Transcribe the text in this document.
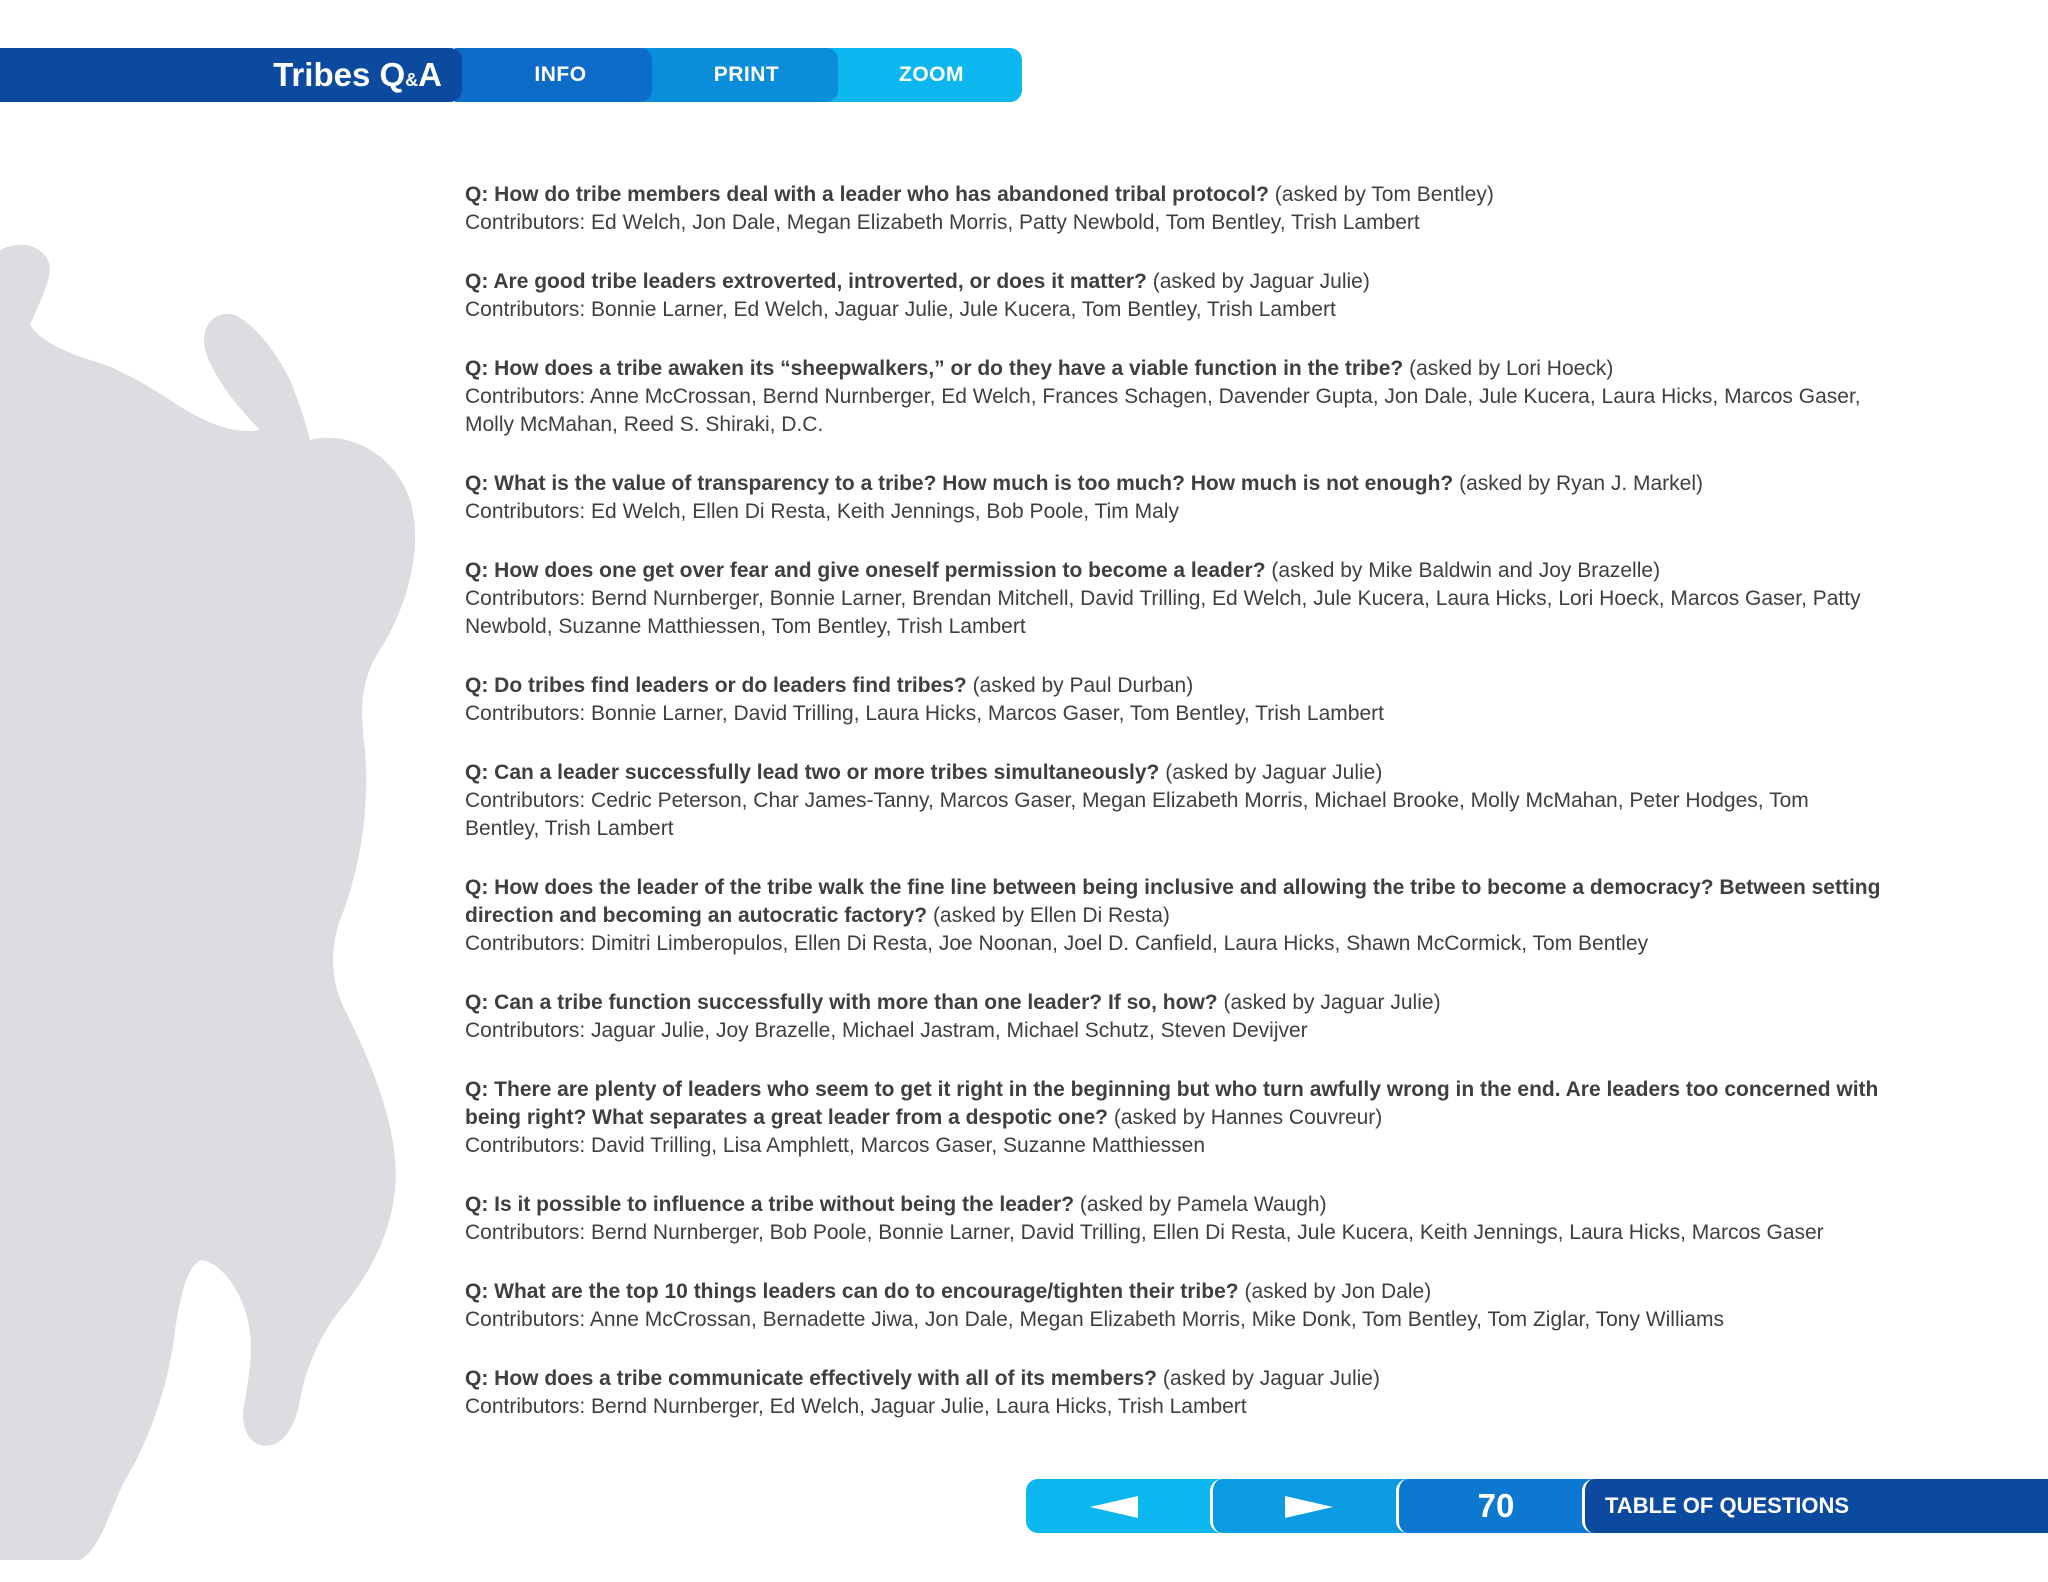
Tribes Q&A	INFO	PRINT	ZOOM
Q: How do tribe members deal with a leader who has abandoned tribal protocol? (asked by Tom Bentley)
Contributors: Ed Welch, Jon Dale, Megan Elizabeth Morris, Patty Newbold, Tom Bentley, Trish Lambert
Q: Are good tribe leaders extroverted, introverted, or does it matter? (asked by Jaguar Julie)
Contributors: Bonnie Larner, Ed Welch, Jaguar Julie, Jule Kucera, Tom Bentley, Trish Lambert
Q: How does a tribe awaken its “sheepwalkers,” or do they have a viable function in the tribe? (asked by Lori Hoeck)
Contributors: Anne McCrossan, Bernd Nurnberger, Ed Welch, Frances Schagen, Davender Gupta, Jon Dale, Jule Kucera, Laura Hicks, Marcos Gaser, Molly McMahan, Reed S. Shiraki, D.C.
Q: What is the value of transparency to a tribe? How much is too much? How much is not enough? (asked by Ryan J. Markel)
Contributors: Ed Welch, Ellen Di Resta, Keith Jennings, Bob Poole, Tim Maly
Q: How does one get over fear and give oneself permission to become a leader? (asked by Mike Baldwin and Joy Brazelle)
Contributors: Bernd Nurnberger, Bonnie Larner, Brendan Mitchell, David Trilling, Ed Welch, Jule Kucera, Laura Hicks, Lori Hoeck, Marcos Gaser, Patty Newbold, Suzanne Matthiessen, Tom Bentley, Trish Lambert
Q: Do tribes find leaders or do leaders find tribes? (asked by Paul Durban)
Contributors: Bonnie Larner, David Trilling, Laura Hicks, Marcos Gaser, Tom Bentley, Trish Lambert
Q: Can a leader successfully lead two or more tribes simultaneously? (asked by Jaguar Julie)
Contributors: Cedric Peterson, Char James-Tanny, Marcos Gaser, Megan Elizabeth Morris, Michael Brooke, Molly McMahan, Peter Hodges, Tom Bentley, Trish Lambert
Q: How does the leader of the tribe walk the fine line between being inclusive and allowing the tribe to become a democracy? Between setting direction and becoming an autocratic factory? (asked by Ellen Di Resta)
Contributors: Dimitri Limberopulos, Ellen Di Resta, Joe Noonan, Joel D. Canfield, Laura Hicks, Shawn McCormick, Tom Bentley
Q: Can a tribe function successfully with more than one leader? If so, how? (asked by Jaguar Julie)
Contributors: Jaguar Julie, Joy Brazelle, Michael Jastram, Michael Schutz, Steven Devijver
Q: There are plenty of leaders who seem to get it right in the beginning but who turn awfully wrong in the end. Are leaders too concerned with being right? What separates a great leader from a despotic one? (asked by Hannes Couvreur)
Contributors: David Trilling, Lisa Amphlett, Marcos Gaser, Suzanne Matthiessen
Q: Is it possible to influence a tribe without being the leader? (asked by Pamela Waugh)
Contributors: Bernd Nurnberger, Bob Poole, Bonnie Larner, David Trilling, Ellen Di Resta, Jule Kucera, Keith Jennings, Laura Hicks, Marcos Gaser
Q: What are the top 10 things leaders can do to encourage/tighten their tribe? (asked by Jon Dale)
Contributors: Anne McCrossan, Bernadette Jiwa, Jon Dale, Megan Elizabeth Morris, Mike Donk, Tom Bentley, Tom Ziglar, Tony Williams
Q: How does a tribe communicate effectively with all of its members? (asked by Jaguar Julie)
Contributors: Bernd Nurnberger, Ed Welch, Jaguar Julie, Laura Hicks, Trish Lambert
70	TABLE OF QUESTIONS
